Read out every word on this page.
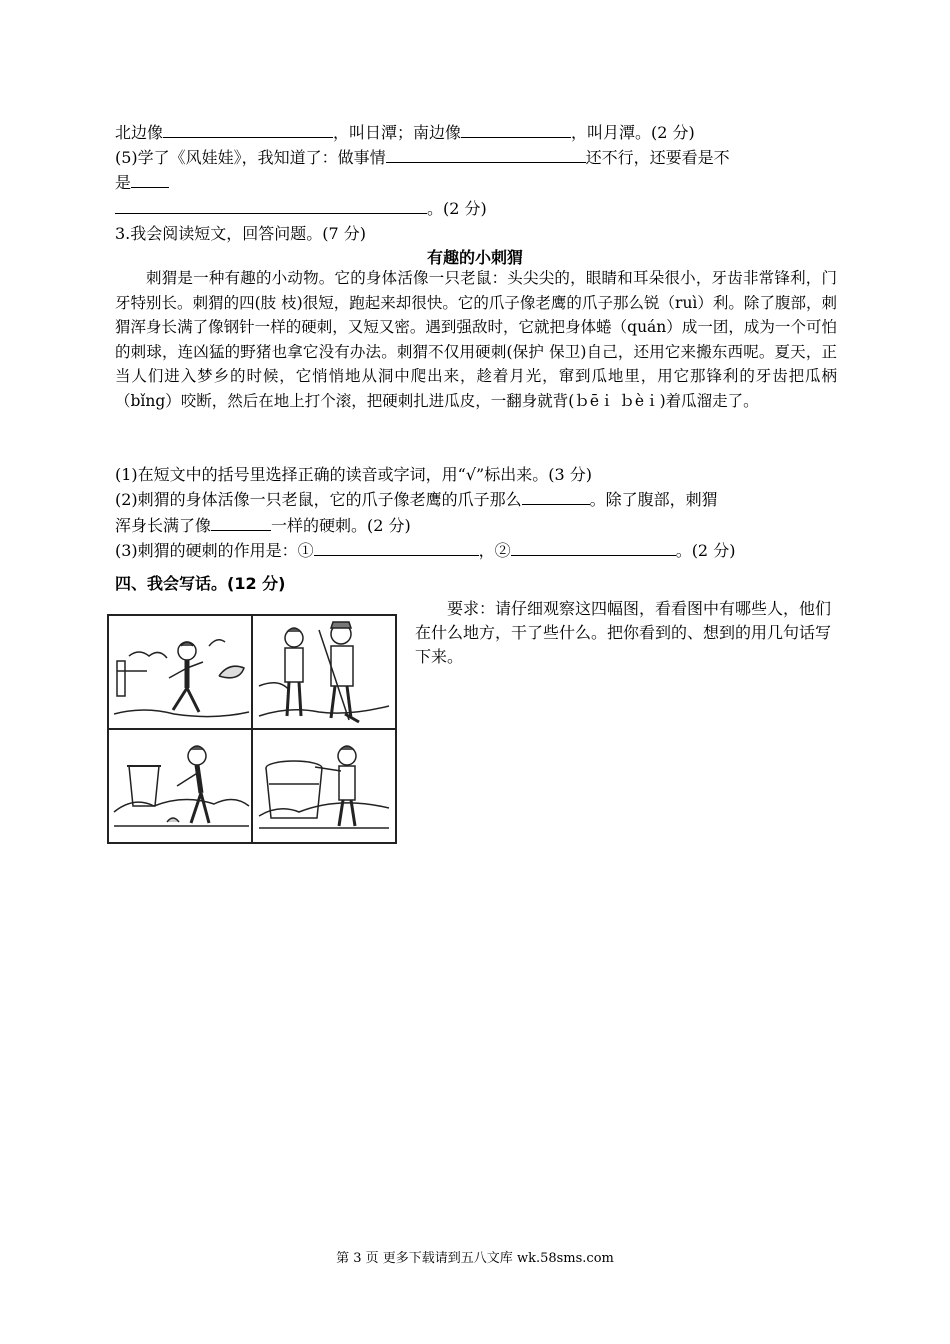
北边像	，叫日潭；南边像	，叫月潭。(2 分)
(5)学了《风娃娃》，我知道了：做事情	还不行，还要看是不
是
。(2 分)
3.我会阅读短文，回答问题。(7 分)
有趣的小刺猬
刺猬是一种有趣的小动物。它的身体活像一只老鼠：头尖尖的，眼睛和耳朵很小，牙齿非常锋利，门牙特别长。刺猬的四(肢 枝)很短，跑起来却很快。它的爪子像老鹰的爪子那么锐（ruì）利。除了腹部，刺猬浑身长满了像钢针一样的硬刺，又短又密。遇到强敌时，它就把身体蜷（quán）成一团，成为一个可怕的刺球，连凶猛的野猪也拿它没有办法。刺猬不仅用硬刺(保护 保卫)自己，还用它来搬东西呢。夏天，正当人们进入梦乡的时候，它悄悄地从洞中爬出来，趁着月光，窜到瓜地里，用它那锋利的牙齿把瓜柄（bǐng）咬断，然后在地上打个滚，把硬刺扎进瓜皮，一翻身就背(ｂēｉ ｂèｉ)着瓜溜走了。
(1)在短文中的括号里选择正确的读音或字词，用“√”标出来。(3 分)
(2)刺猬的身体活像一只老鼠，它的爪子像老鹰的爪子那么	。除了腹部，刺猬
浑身长满了像	一样的硬刺。(2 分)
(3)刺猬的硬刺的作用是：①	，②	。(2 分)
四、我会写话。(12 分)
要求：请仔细观察这四幅图，看看图中有哪些人，他们在什么地方，干了些什么。把你看到的、想到的用几句话写下来。
第 3 页 更多下载请到五八文库 wk.58sms.com
